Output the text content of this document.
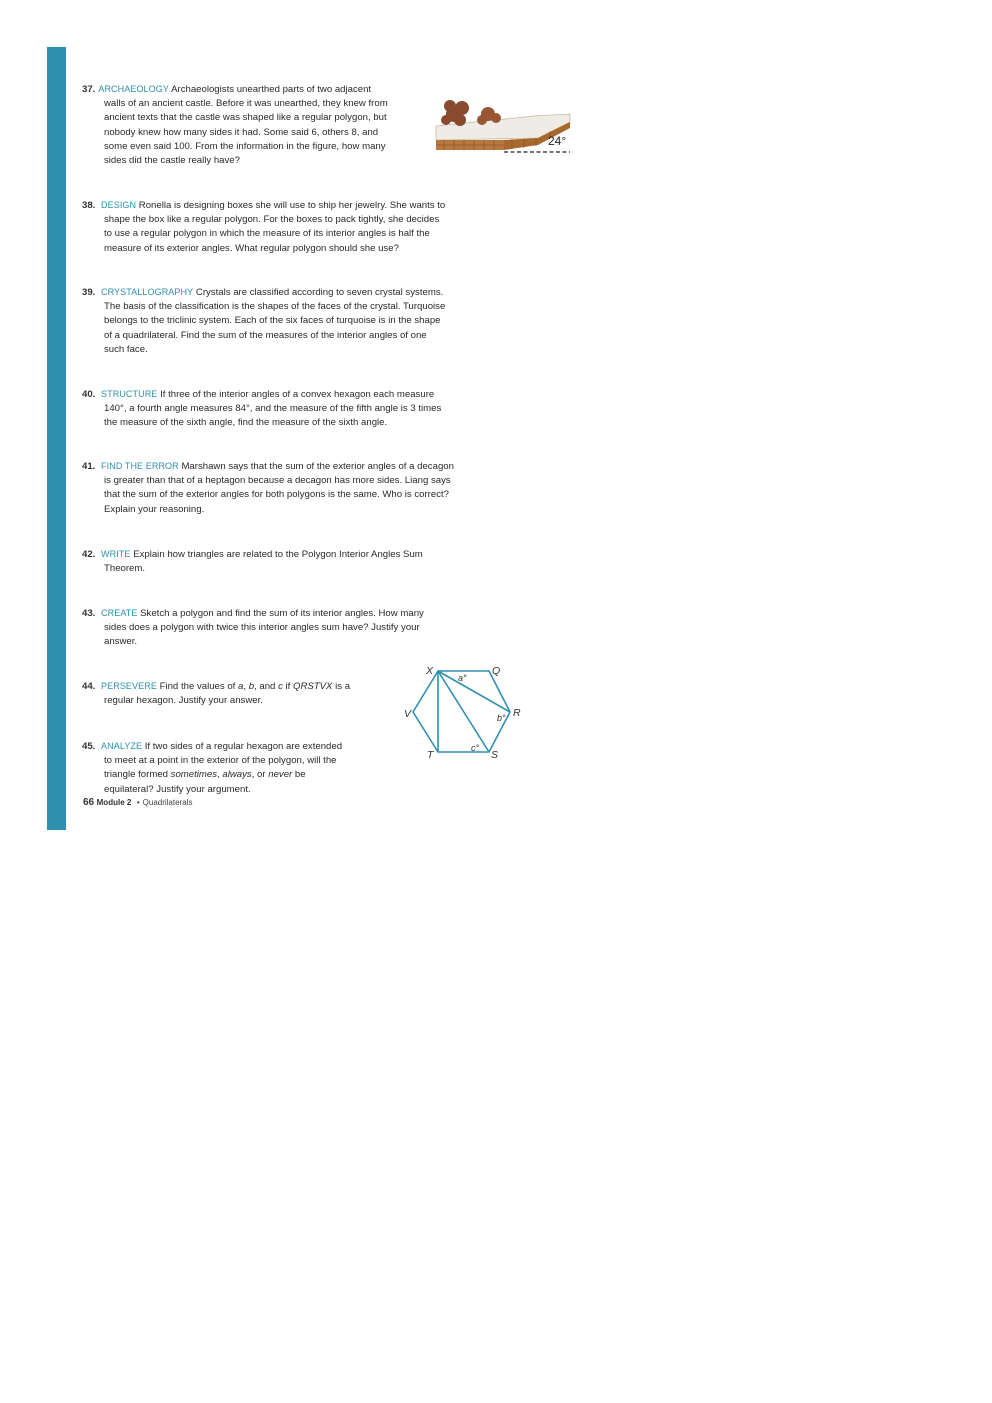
37. ARCHAEOLOGY Archaeologists unearthed parts of two adjacent
walls of an ancient castle. Before it was unearthed, they knew from
ancient texts that the castle was shaped like a regular polygon, but
nobody knew how many sides it had. Some said 6, others 8, and
some even said 100. From the information in the figure, how many
sides did the castle really have?
24°
38. DESIGN Ronella is designing boxes she will use to ship her jewelry. She wants to
shape the box like a regular polygon. For the boxes to pack tightly, she decides
to use a regular polygon in which the measure of its interior angles is half the
measure of its exterior angles. What regular polygon should she use?
39. CRYSTALLOGRAPHY Crystals are classified according to seven crystal systems.
The basis of the classification is the shapes of the faces of the crystal. Turquoise
belongs to the triclinic system. Each of the six faces of turquoise is in the shape
of a quadrilateral. Find the sum of the measures of the interior angles of one
such face.
40. STRUCTURE If three of the interior angles of a convex hexagon each measure
140°, a fourth angle measures 84°, and the measure of the fifth angle is 3 times
the measure of the sixth angle, find the measure of the sixth angle.
41. FIND THE ERROR Marshawn says that the sum of the exterior angles of a decagon
is greater than that of a heptagon because a decagon has more sides. Liang says
that the sum of the exterior angles for both polygons is the same. Who is correct?
Explain your reasoning.
42. WRITE Explain how triangles are related to the Polygon Interior Angles Sum
Theorem.
43. CREATE Sketch a polygon and find the sum of its interior angles. How many
sides does a polygon with twice this interior angles sum have? Justify your
answer.
44. PERSEVERE Find the values of a, b, and c if QRSTVX is a
regular hexagon. Justify your answer.
X	Q
R
S
T
V
a°
b°
c°
45. ANALYZE If two sides of a regular hexagon are extended
to meet at a point in the exterior of the polygon, will the
triangle formed sometimes, always, or never be
equilateral? Justify your argument.
66 Module 2 • Quadrilaterals
